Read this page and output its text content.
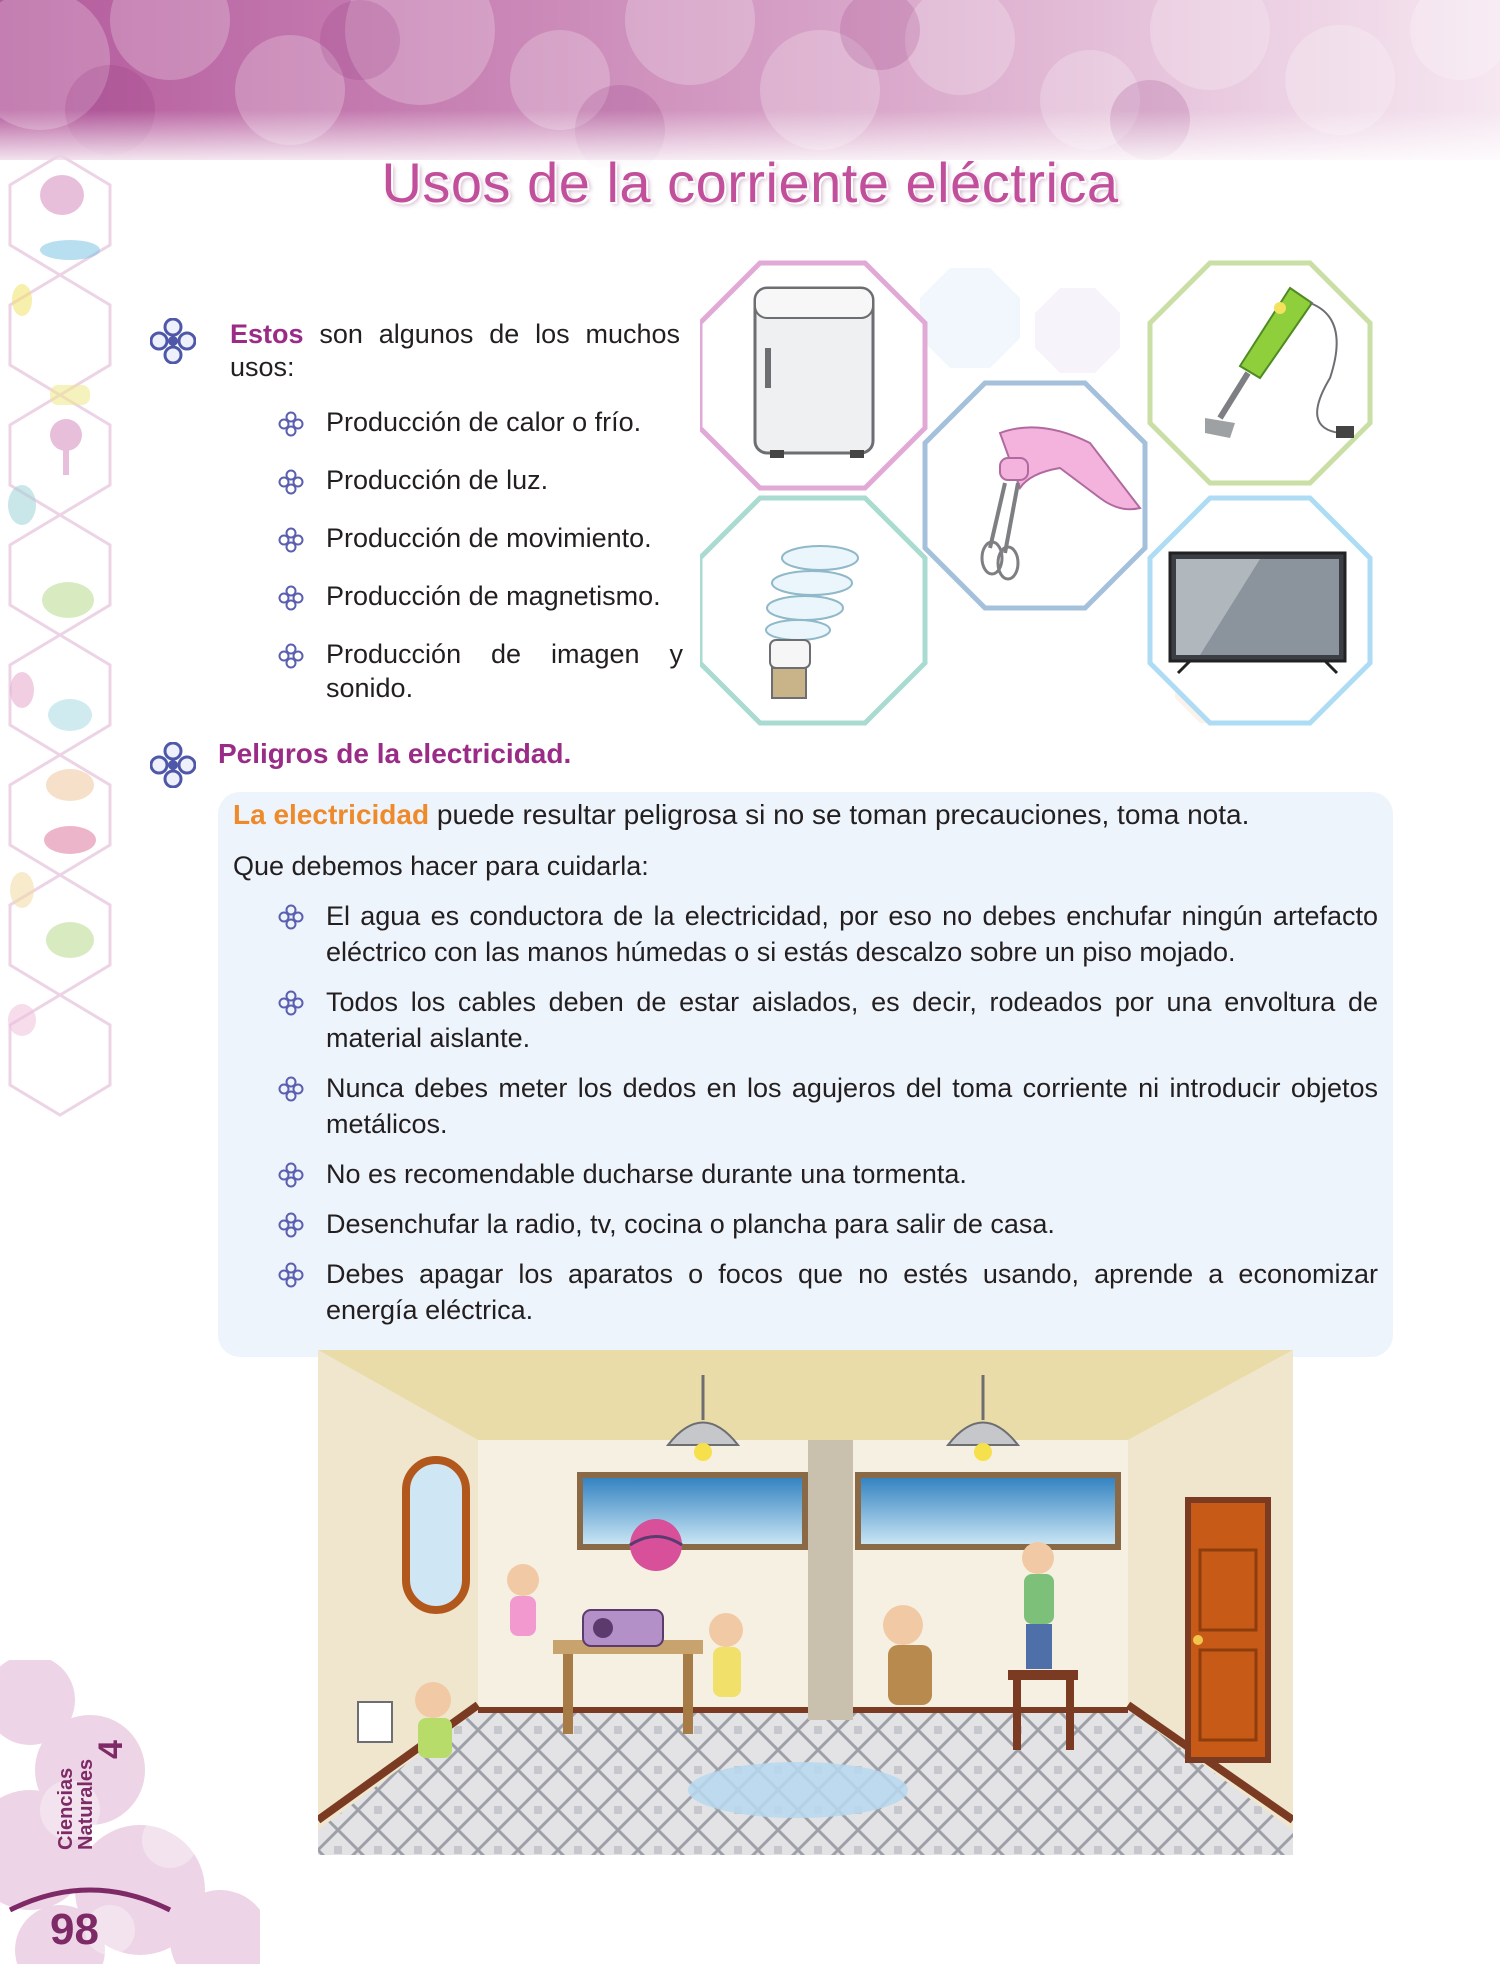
Ciencias
Naturales
4
98
Usos de la corriente eléctrica
Estos son algunos de los muchos usos:
Producción de calor o frío.
Producción de luz.
Producción de movimiento.
Producción de magnetismo.
Producción de imagen y sonido.
Peligros de la electricidad.
La electricidad puede resultar peligrosa si no se toman precauciones, toma nota.
Que debemos hacer para cuidarla:
El agua es conductora de la electricidad, por eso no debes enchufar ningún artefacto eléctrico con las manos húmedas o si estás descalzo sobre un piso mojado.
Todos los cables deben de estar aislados, es decir, rodeados por una envoltura de material aislante.
Nunca debes meter los dedos en los agujeros del toma corriente ni introducir objetos metálicos.
No es recomendable ducharse durante una tormenta.
Desenchufar la radio, tv, cocina o plancha para salir de casa.
Debes apagar los aparatos o focos que no estés usando, aprende a economizar energía eléctrica.
